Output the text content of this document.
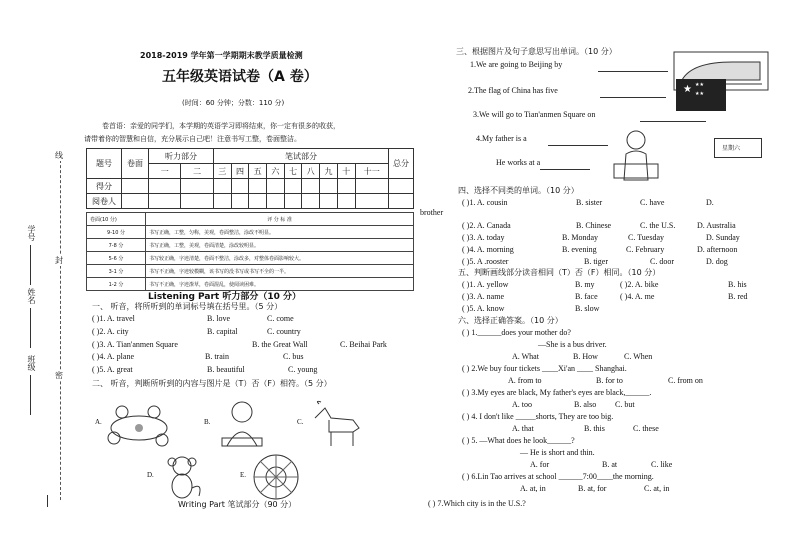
线
封
密
学号
姓名
班级
2018-2019 学年第一学期期末教学质量检测
五年级英语试卷（A 卷）
(时间：60 分钟；分数：110 分)
卷首语：亲爱的同学们，本学期的英语学习即将结束，你一定有很多的收获，
请带着你的智慧和自信，充分展示自己吧！注意书写工整，卷面整洁。
题号	卷面	听力部分		笔试部分									总分
		一	二	三	四	五	六	七	八	九	十	十一	
得分													
阅卷人													
卷面(10 分)	评 分 标 准
9-10 分	书写正确，工整，匀称，美观，卷面整洁，涂改不明显。
7-8 分	书写正确，工整，美观，卷面清楚，涂改较明显。
5-6 分	书写较正确，字迹清楚，卷面不整洁，涂改多，对整体卷面影响较大。
3-1 分	书写不正确，字迹较模糊，该书写的没书写或书写不全的一半。
1-2 分	书写不正确，字迹潦草，卷面混乱，使阅读困难。
Listening Part 听力部分（10 分）
一、 听音，将所听到的单词标号填在括号里。（5 分）
( )1. A. travel	B. love	C. come
( )2. A. city	B. capital	C. country
( )3. A. Tian'anmen Square	B. the Great Wall	C. Beihai Park
( )4. A. plane	B. train	C. bus
( )5. A. great	B. beautiful	C. young
二、 听音，判断所听到的内容与图片是（T）否（F）相符。（5 分）
A.	B.	C.
D.	E.
Writing Part 笔试部分（90 分）
三、根据图片及句子意思写出单词。（10 分）
1.We are going to Beijing by
2.The flag of China has five	★ ★★
★★
3.We will go to Tian'anmen Square on
星期六
4.My father is a
He works at a
四、选择不同类的单词。（10 分）
brother
( )1. A. cousin	B. sister	C. have	D.
( )2. A. Canada	B. Chinese	C. the U.S.	D. Australia
( )3. A. today	B. Monday	C. Tuesday	D. Sunday
( )4. A. morning	B. evening	C. February	D. afternoon
( )5. A .rooster	B. tiger	C. door	D. dog
五、判断画线部分读音相同（T）否（F）相同。（10 分）
( )1. A. yellow	B. my	( )2. A. bike	B. his
( )3. A. name	B. face	( )4. A. me	B. red
( )5. A. know	B. slow
六、选择正确答案。（10 分）
( ) 1.______does your mother do?
—She is a bus driver.
A. What	B. How	C. When
( ) 2.We buy four tickets ____Xi'an ____ Shanghai.
A. from to	B. for to	C. from on
( ) 3.My eyes are black, My father's eyes are black,______.
A. too	B. also C. but
( ) 4. I don't like _____shorts, They are too big.
A. that	B. this	C. these
( ) 5. —What does he look______?
— He is short and thin.
A. for	B. at	C. like
( ) 6.Lin Tao arrives at school ______7:00____the morning.
A. at, in	B. at, for	C. at, in
( ) 7.Which city is in the U.S.?
